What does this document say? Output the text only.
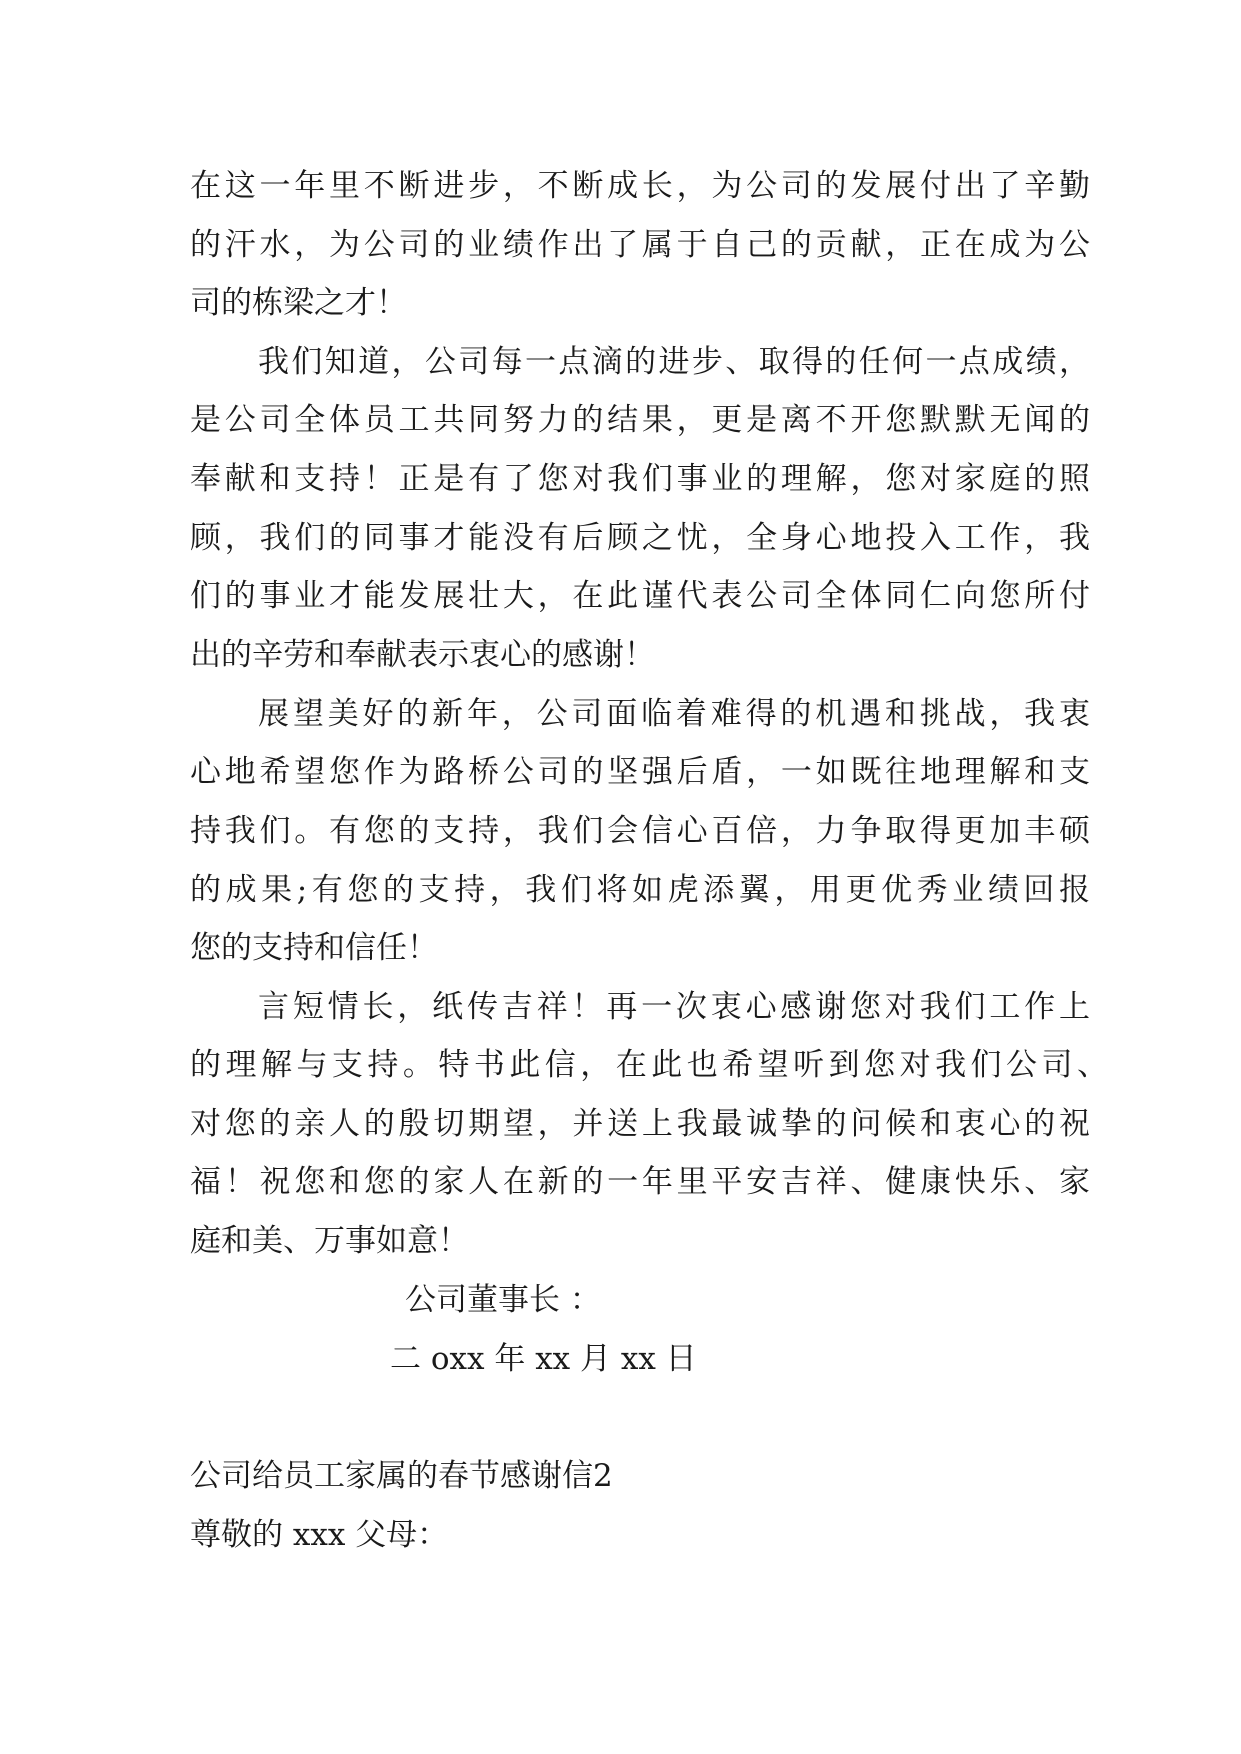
在这一年里不断进步，不断成长，为公司的发展付出了辛勤
的汗水，为公司的业绩作出了属于自己的贡献，正在成为公
司的栋梁之才！
我们知道，公司每一点滴的进步、取得的任何一点成绩，
是公司全体员工共同努力的结果，更是离不开您默默无闻的
奉献和支持！正是有了您对我们事业的理解，您对家庭的照
顾，我们的同事才能没有后顾之忧，全身心地投入工作，我
们的事业才能发展壮大，在此谨代表公司全体同仁向您所付
出的辛劳和奉献表示衷心的感谢！
展望美好的新年，公司面临着难得的机遇和挑战，我衷
心地希望您作为路桥公司的坚强后盾，一如既往地理解和支
持我们。有您的支持，我们会信心百倍，力争取得更加丰硕
的成果;有您的支持，我们将如虎添翼，用更优秀业绩回报
您的支持和信任！
言短情长，纸传吉祥！再一次衷心感谢您对我们工作上
的理解与支持。特书此信，在此也希望听到您对我们公司、
对您的亲人的殷切期望，并送上我最诚挚的问候和衷心的祝
福！祝您和您的家人在新的一年里平安吉祥、健康快乐、家
庭和美、万事如意！
公司董事长 ：
二 oxx 年 xx 月 xx 日
公司给员工家属的春节感谢信2
尊敬的 xxx 父母：
